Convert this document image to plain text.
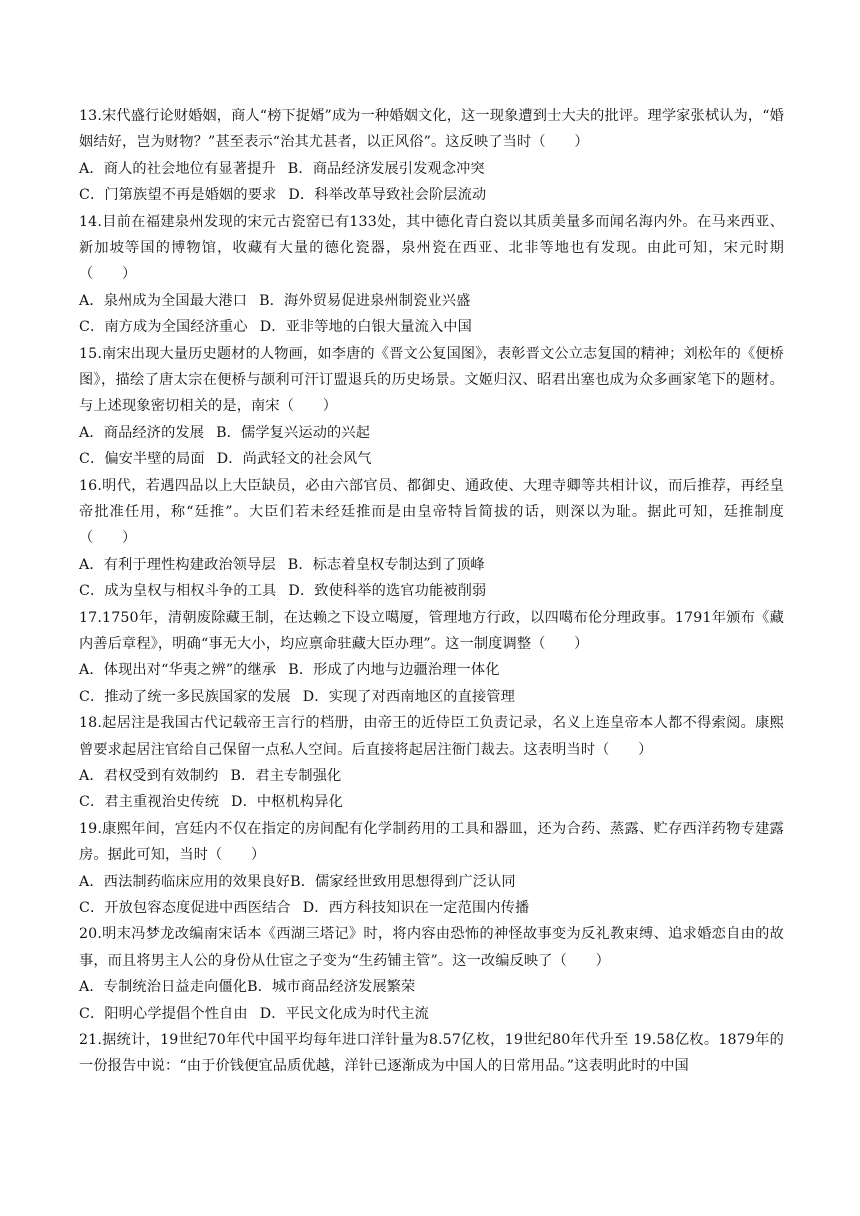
13.宋代盛行论财婚姻，商人“榜下捉婿”成为一种婚姻文化，这一现象遭到士大夫的批评。理学家张栻认为，“婚姻结好，岂为财物？”甚至表示“治其尤甚者，以正风俗”。这反映了当时（　　）

A．商人的社会地位有显著提升 B．商品经济发展引发观念冲突

C．门第族望不再是婚姻的要求 D．科举改革导致社会阶层流动

14.目前在福建泉州发现的宋元古瓷窑已有133处，其中德化青白瓷以其质美量多而闻名海内外。在马来西亚、新加坡等国的博物馆，收藏有大量的德化瓷器，泉州瓷在西亚、北非等地也有发现。由此可知，宋元时期（　　）

A．泉州成为全国最大港口 B．海外贸易促进泉州制瓷业兴盛

C．南方成为全国经济重心 D．亚非等地的白银大量流入中国

15.南宋出现大量历史题材的人物画，如李唐的《晋文公复国图》，表彰晋文公立志复国的精神；刘松年的《便桥图》，描绘了唐太宗在便桥与颉利可汗订盟退兵的历史场景。文姬归汉、昭君出塞也成为众多画家笔下的题材。与上述现象密切相关的是，南宋（　　）

A．商品经济的发展 B．儒学复兴运动的兴起

C．偏安半壁的局面 D．尚武轻文的社会风气

16.明代，若遇四品以上大臣缺员，必由六部官员、都御史、通政使、大理寺卿等共相计议，而后推荐，再经皇帝批准任用，称“廷推”。大臣们若未经廷推而是由皇帝特旨简拔的话，则深以为耻。据此可知，廷推制度（　　）

A．有利于理性构建政治领导层 B．标志着皇权专制达到了顶峰

C．成为皇权与相权斗争的工具 D．致使科举的选官功能被削弱

17.1750年，清朝废除藏王制，在达赖之下设立噶厦，管理地方行政，以四噶布伦分理政事。1791年颁布《藏内善后章程》，明确“事无大小，均应禀命驻藏大臣办理”。这一制度调整（　　）

A．体现出对“华夷之辨”的继承 B．形成了内地与边疆治理一体化

C．推动了统一多民族国家的发展 D．实现了对西南地区的直接管理

18.起居注是我国古代记载帝王言行的档册，由帝王的近侍臣工负责记录，名义上连皇帝本人都不得索阅。康熙曾要求起居注官给自己保留一点私人空间。后直接将起居注衙门裁去。这表明当时（　　）

A．君权受到有效制约 B．君主专制强化

C．君主重视治史传统 D．中枢机构异化

19.康熙年间，宫廷内不仅在指定的房间配有化学制药用的工具和器皿，还为合药、蒸露、贮存西洋药物专建露房。据此可知，当时（　　）

A．西法制药临床应用的效果良好B．儒家经世致用思想得到广泛认同

C．开放包容态度促进中西医结合 D．西方科技知识在一定范围内传播

20.明末冯梦龙改编南宋话本《西湖三塔记》时，将内容由恐怖的神怪故事变为反礼教束缚、追求婚恋自由的故事，而且将男主人公的身份从仕宦之子变为“生药铺主管”。这一改编反映了（　　）

A．专制统治日益走向僵化B．城市商品经济发展繁荣

C．阳明心学提倡个性自由 D．平民文化成为时代主流

21.据统计，19世纪70年代中国平均每年进口洋针量为8.57亿枚，19世纪80年代升至 19.58亿枚。1879年的一份报告中说：“由于价钱便宜品质优越，洋针已逐渐成为中国人的日常用品。”这表明此时的中国
